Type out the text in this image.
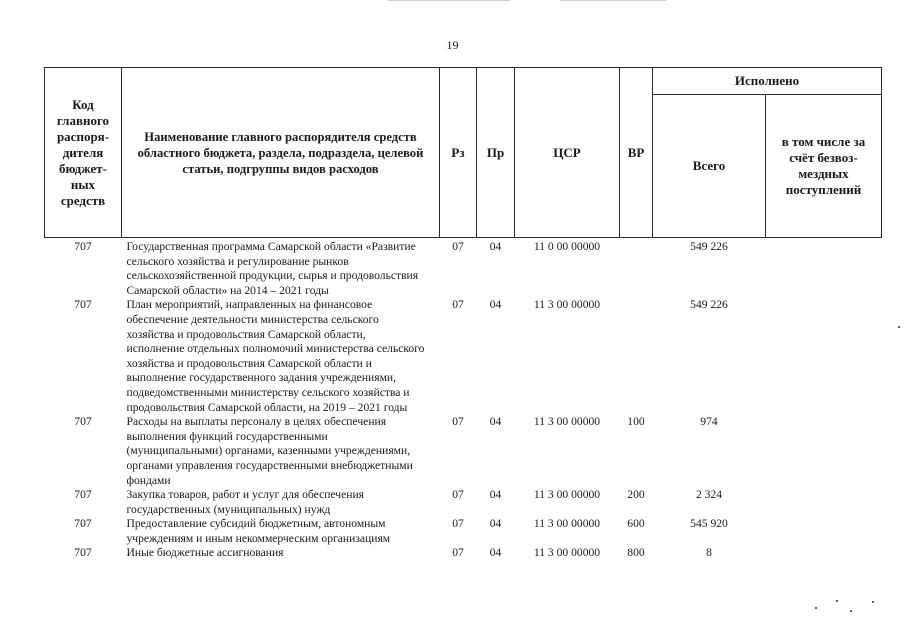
19
Код главного распоря-дителя бюджет-ных средств	Наименование главного распорядителя средств областного бюджета, раздела, подраздела, целевой статьи, подгруппы видов расходов	Рз	Пр	ЦСР	ВР	Исполнено	
						Всего	в том числе за счёт безвоз-мездных поступлений
707	Государственная программа Самарской области «Развитие сельского хозяйства и регулирование рынков сельскохозяйственной продукции, сырья и продовольствия Самарской области» на 2014 – 2021 годы	07	04	11 0 00 00000		549 226	
707	План мероприятий, направленных на финансовое обеспечение деятельности министерства сельского хозяйства и продовольствия Самарской области, исполнение отдельных полномочий министерства сельского хозяйства и продовольствия Самарской области и выполнение государственного задания учреждениями, подведомственными министерству сельского хозяйства и продовольствия Самарской области, на 2019 – 2021 годы	07	04	11 3 00 00000		549 226	
707	Расходы на выплаты персоналу в целях обеспечения выполнения функций государственными (муниципальными) органами, казенными учреждениями, органами управления государственными внебюджетными фондами	07	04	11 3 00 00000	100	974	
707	Закупка товаров, работ и услуг для обеспечения государственных (муниципальных) нужд	07	04	11 3 00 00000	200	2 324	
707	Предоставление субсидий бюджетным, автономным учреждениям и иным некоммерческим организациям	07	04	11 3 00 00000	600	545 920	
707	Иные бюджетные ассигнования	07	04	11 3 00 00000	800	8	
